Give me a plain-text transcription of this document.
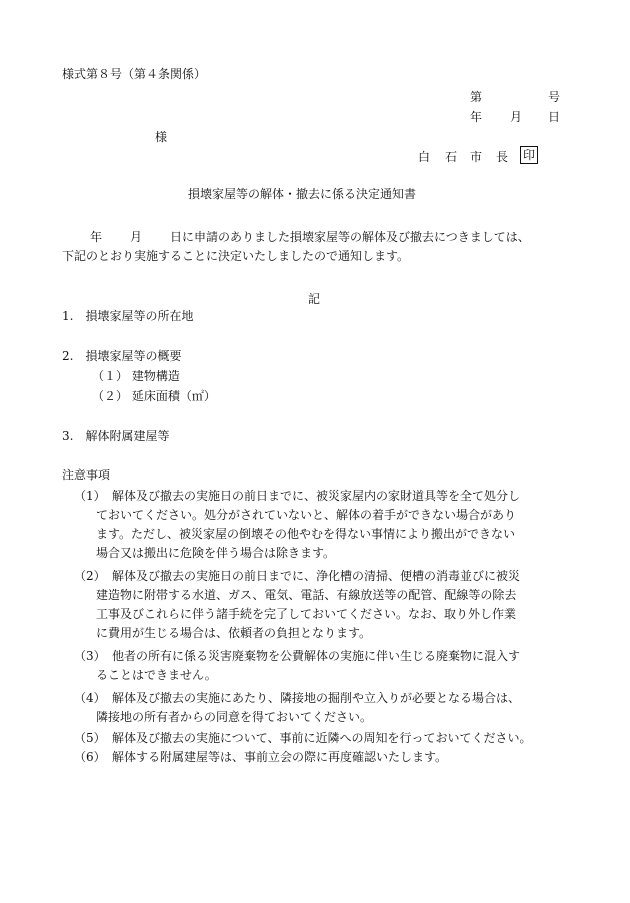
様式第８号（第４条関係）
第	号
年 月 日
様
白 石 市 長 印
損壊家屋等の解体・撤去に係る決定通知書
年 月 日に申請のありました損壊家屋等の解体及び撤去につきましては、
下記のとおり実施することに決定いたしましたので通知します。
記
1.　損壊家屋等の所在地
2.　損壊家屋等の概要
（１） 建物構造
（２） 延床面積（㎡）
3.　解体附属建屋等
注意事項
（1） 解体及び撤去の実施日の前日までに、被災家屋内の家財道具等を全て処分し
ておいてください。処分がされていないと、解体の着手ができない場合があり
ます。ただし、被災家屋の倒壊その他やむを得ない事情により搬出ができない
場合又は搬出に危険を伴う場合は除きます。
（2） 解体及び撤去の実施日の前日までに、浄化槽の清掃、便槽の消毒並びに被災
建造物に附帯する水道、ガス、電気、電話、有線放送等の配管、配線等の除去
工事及びこれらに伴う諸手続を完了しておいてください。なお、取り外し作業
に費用が生じる場合は、依頼者の負担となります。
（3） 他者の所有に係る災害廃棄物を公費解体の実施に伴い生じる廃棄物に混入す
ることはできません。
（4） 解体及び撤去の実施にあたり、隣接地の掘削や立入りが必要となる場合は、
隣接地の所有者からの同意を得ておいてください。
（5） 解体及び撤去の実施について、事前に近隣への周知を行っておいてください。
（6） 解体する附属建屋等は、事前立会の際に再度確認いたします。
